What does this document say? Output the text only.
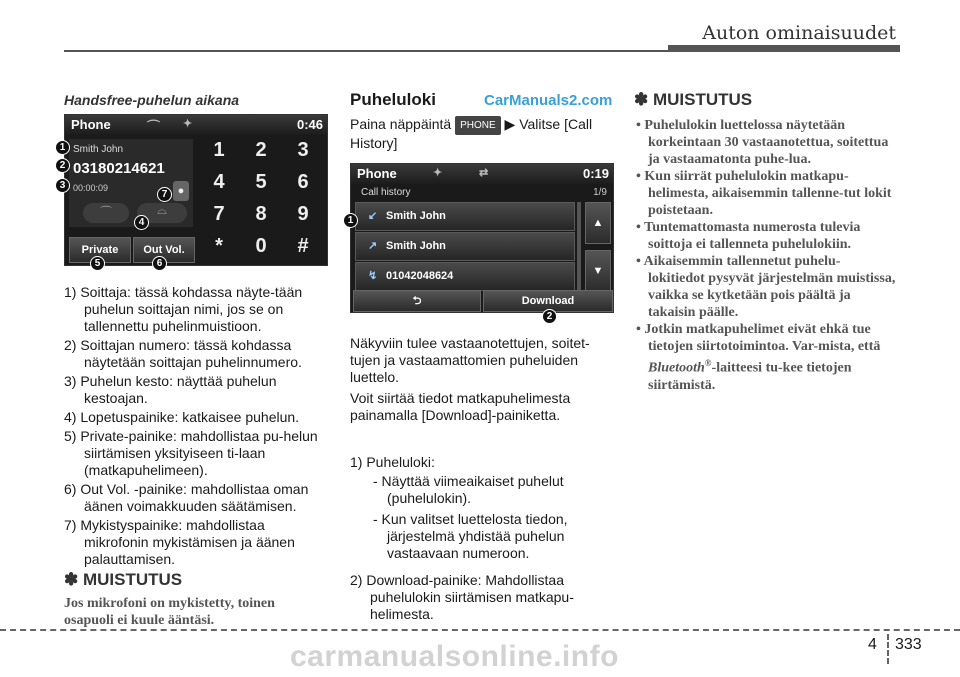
Auton ominaisuudet
Handsfree-puhelun aikana
Phone	⌒ ✦	0:46
Smith John
03180214621
00:00:09	●
⌒	⌓
1	2	3
4	5	6
7	8	9
*	0	#
Private	Out Vol.
1
2
3
4
5	6
7
1) Soittaja: tässä kohdassa näyte-tään puhelun soittajan nimi, jos se on tallennettu puhelinmuistioon.
2) Soittajan numero: tässä kohdassa näytetään soittajan puhelinnumero.
3) Puhelun kesto: näyttää puhelun kestoajan.
4) Lopetuspainike: katkaisee puhelun.
5) Private-painike: mahdollistaa pu-helun siirtämisen yksityiseen ti-laan (matkapuhelimeen).
6) Out Vol. -painike: mahdollistaa oman äänen voimakkuuden säätämisen.
7) Mykistyspainike: mahdollistaa mikrofonin mykistämisen ja äänen palauttamisen.
✽ MUISTUTUS
Jos mikrofoni on mykistetty, toinen osapuoli ei kuule ääntäsi.
Puheluloki	CarManuals2.com
Paina näppäintä PHONE ▶ Valitse [Call History]
Phone	✦	⇄	0:19
Call history	1/9
↙ Smith John
↗ Smith John
↯ 01042048624
▲
▼
⮌	Download
1
2
Näkyviin tulee vastaanotettujen, soitet-tujen ja vastaamattomien puheluiden luettelo.
Voit siirtää tiedot matkapuhelimesta painamalla [Download]-painiketta.
1) Puheluloki:
- Näyttää viimeaikaiset puhelut (puhelulokin).
- Kun valitset luettelosta tiedon, järjestelmä yhdistää puhelun vastaavaan numeroon.
2) Download-painike: Mahdollistaa puhelulokin siirtämisen matkapu-helimesta.
✽ MUISTUTUS
• Puhelulokin luettelossa näytetään korkeintaan 30 vastaanotettua, soitettua ja vastaamatonta puhe-lua.
• Kun siirrät puhelulokin matkapu-helimesta, aikaisemmin tallenne-tut lokit poistetaan.
• Tuntemattomasta numerosta tulevia soittoja ei tallenneta puhelulokiin.
• Aikaisemmin tallennetut puhelu-lokitiedot pysyvät järjestelmän muistissa, vaikka se kytketään pois päältä ja takaisin päälle.
• Jotkin matkapuhelimet eivät ehkä tue tietojen siirtotoimintoa. Var-mista, että Bluetooth®-laitteesi tu-kee tietojen siirtämistä.
4 333
carmanualsonline.info
